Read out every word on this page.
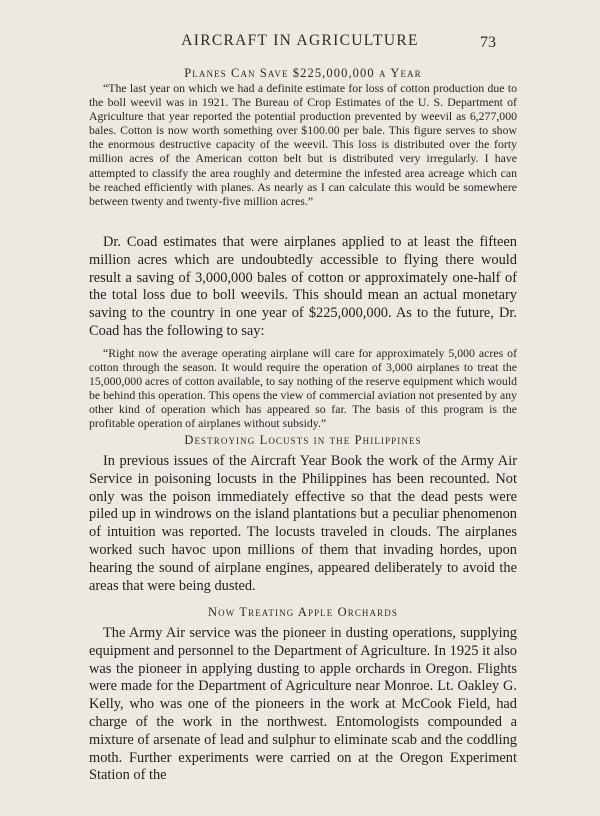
AIRCRAFT IN AGRICULTURE	73
Planes Can Save $225,000,000 a Year

“The last year on which we had a definite estimate for loss of cotton production due to the boll weevil was in 1921. The Bureau of Crop Estimates of the U. S. Department of Agriculture that year reported the potential production prevented by weevil as 6,277,000 bales. Cotton is now worth something over $100.00 per bale. This figure serves to show the enormous destructive capacity of the weevil. This loss is distributed over the forty million acres of the American cotton belt but is distributed very irregularly. I have attempted to classify the area roughly and determine the infested area acreage which can be reached efficiently with planes. As nearly as I can calculate this would be somewhere between twenty and twenty-five million acres.”

Dr. Coad estimates that were airplanes applied to at least the fifteen million acres which are undoubtedly accessible to flying there would result a saving of 3,000,000 bales of cotton or approximately one-half of the total loss due to boll weevils. This should mean an actual monetary saving to the country in one year of $225,000,000. As to the future, Dr. Coad has the following to say:

“Right now the average operating airplane will care for approximately 5,000 acres of cotton through the season. It would require the operation of 3,000 airplanes to treat the 15,000,000 acres of cotton available, to say nothing of the reserve equipment which would be behind this operation. This opens the view of commercial aviation not presented by any other kind of operation which has appeared so far. The basis of this program is the profitable operation of airplanes without subsidy.”

Destroying Locusts in the Philippines

In previous issues of the Aircraft Year Book the work of the Army Air Service in poisoning locusts in the Philippines has been recounted. Not only was the poison immediately effective so that the dead pests were piled up in windrows on the island plantations but a peculiar phenomenon of intuition was reported. The locusts traveled in clouds. The airplanes worked such havoc upon millions of them that invading hordes, upon hearing the sound of airplane engines, appeared deliberately to avoid the areas that were being dusted.

Now Treating Apple Orchards

The Army Air service was the pioneer in dusting operations, supplying equipment and personnel to the Department of Agriculture. In 1925 it also was the pioneer in applying dusting to apple orchards in Oregon. Flights were made for the Department of Agriculture near Monroe. Lt. Oakley G. Kelly, who was one of the pioneers in the work at McCook Field, had charge of the work in the northwest. Entomologists compounded a mixture of arsenate of lead and sulphur to eliminate scab and the coddling moth. Further experiments were carried on at the Oregon Experiment Station of the
